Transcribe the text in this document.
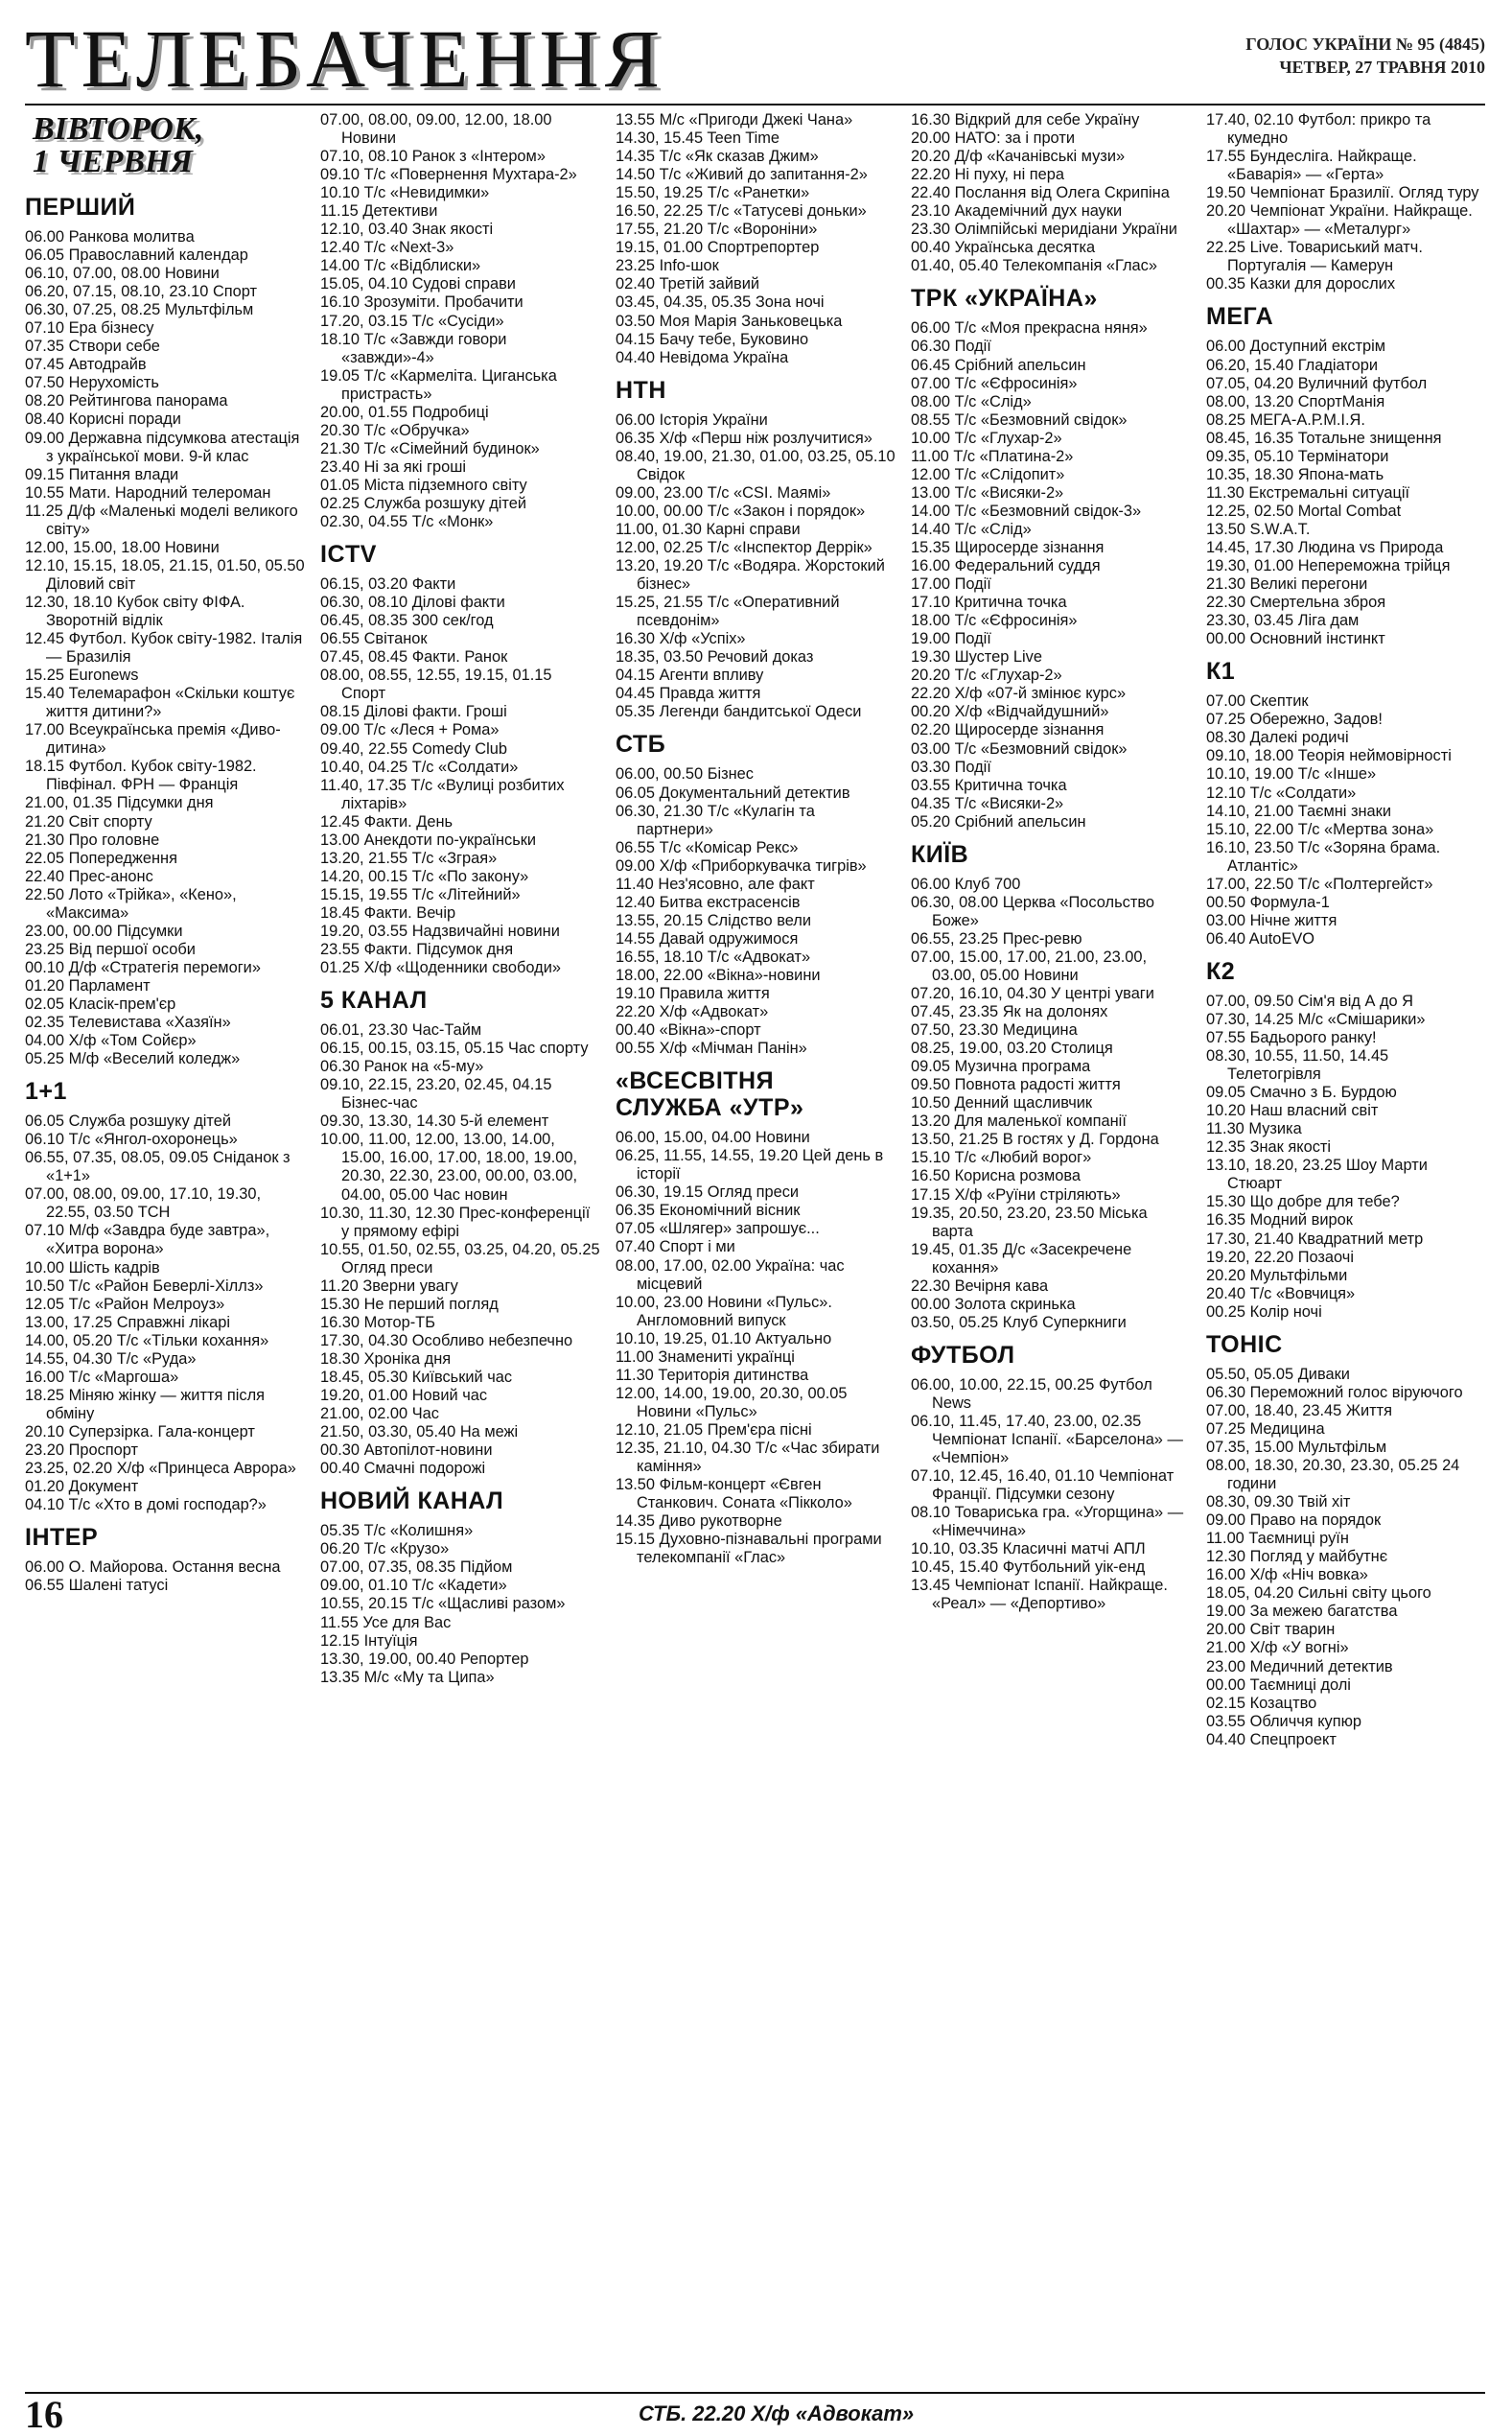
ТЕЛЕБАЧЕННЯ	ГОЛОС УКРАЇНИ № 95 (4845)
ЧЕТВЕР, 27 ТРАВНЯ 2010
ВІВТОРОК,
1 ЧЕРВНЯ
ПЕРШИЙ
06.00 Ранкова молитва
06.05 Православний календар
06.10, 07.00, 08.00 Новини
06.20, 07.15, 08.10, 23.10 Спорт
06.30, 07.25, 08.25 Мультфільм
07.10 Ера бізнесу
07.35 Створи себе
07.45 Автодрайв
07.50 Нерухомість
08.20 Рейтингова панорама
08.40 Корисні поради
09.00 Державна підсумкова атестація з української мови. 9-й клас
09.15 Питання влади
10.55 Мати. Народний телероман
11.25 Д/ф «Маленькі моделі великого світу»
12.00, 15.00, 18.00 Новини
12.10, 15.15, 18.05, 21.15, 01.50, 05.50 Діловий світ
12.30, 18.10 Кубок світу ФІФА. Зворотній відлік
12.45 Футбол. Кубок світу-1982. Італія — Бразилія
15.25 Euronews
15.40 Телемарафон «Скільки коштує життя дитини?»
17.00 Всеукраїнська премія «Диво-дитина»
18.15 Футбол. Кубок світу-1982. Півфінал. ФРН — Франція
21.00, 01.35 Підсумки дня
21.20 Світ спорту
21.30 Про головне
22.05 Попередження
22.40 Прес-анонс
22.50 Лото «Трійка», «Кено», «Максима»
23.00, 00.00 Підсумки
23.25 Від першої особи
00.10 Д/ф «Стратегія перемоги»
01.20 Парламент
02.05 Класік-прем'єр
02.35 Телевистава «Хазяїн»
04.00 Х/ф «Том Сойєр»
05.25 М/ф «Веселий коледж»
1+1
06.05 Служба розшуку дітей
06.10 Т/с «Янгол-охоронець»
06.55, 07.35, 08.05, 09.05 Сніданок з «1+1»
07.00, 08.00, 09.00, 17.10, 19.30, 22.55, 03.50 ТСН
07.10 М/ф «Завдра буде завтра», «Хитра ворона»
10.00 Шість кадрів
10.50 Т/с «Район Беверлі-Хіллз»
12.05 Т/с «Район Мелроуз»
13.00, 17.25 Справжні лікарі
14.00, 05.20 Т/с «Тільки кохання»
14.55, 04.30 Т/с «Руда»
16.00 Т/с «Маргоша»
18.25 Міняю жінку — життя після обміну
20.10 Суперзірка. Гала-концерт
23.20 Проспорт
23.25, 02.20 Х/ф «Принцеса Аврора»
01.20 Документ
04.10 Т/с «Хто в домі господар?»
ІНТЕР
06.00 О. Майорова. Остання весна
06.55 Шалені татусі
07.00, 08.00, 09.00, 12.00, 18.00 Новини
07.10, 08.10 Ранок з «Інтером»
09.10 Т/с «Повернення Мухтара-2»
10.10 Т/с «Невидимки»
11.15 Детективи
12.10, 03.40 Знак якості
12.40 Т/с «Next-3»
14.00 Т/с «Відблиски»
15.05, 04.10 Судові справи
16.10 Зрозуміти. Пробачити
17.20, 03.15 Т/с «Сусіди»
18.10 Т/с «Завжди говори «завжди»-4»
19.05 Т/с «Кармеліта. Циганська пристрасть»
20.00, 01.55 Подробиці
20.30 Т/с «Обручка»
21.30 Т/с «Сімейний будинок»
23.40 Ні за які гроші
01.05 Міста підземного світу
02.25 Служба розшуку дітей
02.30, 04.55 Т/с «Монк»
ICTV
06.15, 03.20 Факти
06.30, 08.10 Ділові факти
06.45, 08.35 300 сек/год
06.55 Світанок
07.45, 08.45 Факти. Ранок
08.00, 08.55, 12.55, 19.15, 01.15 Спорт
08.15 Ділові факти. Гроші
09.00 Т/с «Леся + Рома»
09.40, 22.55 Comedy Club
10.40, 04.25 Т/с «Солдати»
11.40, 17.35 Т/с «Вулиці розбитих ліхтарів»
12.45 Факти. День
13.00 Анекдоти по-українськи
13.20, 21.55 Т/с «Зграя»
14.20, 00.15 Т/с «По закону»
15.15, 19.55 Т/с «Літейний»
18.45 Факти. Вечір
19.20, 03.55 Надзвичайні новини
23.55 Факти. Підсумок дня
01.25 Х/ф «Щоденники свободи»
5 КАНАЛ
06.01, 23.30 Час-Тайм
06.15, 00.15, 03.15, 05.15 Час спорту
06.30 Ранок на «5-му»
09.10, 22.15, 23.20, 02.45, 04.15 Бізнес-час
09.30, 13.30, 14.30 5-й елемент
10.00, 11.00, 12.00, 13.00, 14.00, 15.00, 16.00, 17.00, 18.00, 19.00, 20.30, 22.30, 23.00, 00.00, 03.00, 04.00, 05.00 Час новин
10.30, 11.30, 12.30 Прес-конференції у прямому ефірі
10.55, 01.50, 02.55, 03.25, 04.20, 05.25 Огляд преси
11.20 Зверни увагу
15.30 Не перший погляд
16.30 Мотор-ТБ
17.30, 04.30 Особливо небезпечно
18.30 Хроніка дня
18.45, 05.30 Київський час
19.20, 01.00 Новий час
21.00, 02.00 Час
21.50, 03.30, 05.40 На межі
00.30 Автопілот-новини
00.40 Смачні подорожі
НОВИЙ КАНАЛ
05.35 Т/с «Колишня»
06.20 Т/с «Крузо»
07.00, 07.35, 08.35 Підйом
09.00, 01.10 Т/с «Кадети»
10.55, 20.15 Т/с «Щасливі разом»
11.55 Усе для Вас
12.15 Інтуїція
13.30, 19.00, 00.40 Репортер
13.35 М/с «Му та Ципа»
13.55 М/с «Пригоди Джекі Чана»
14.30, 15.45 Teen Time
14.35 Т/с «Як сказав Джим»
14.50 Т/с «Живий до запитання-2»
15.50, 19.25 Т/с «Ранетки»
16.50, 22.25 Т/с «Татусеві доньки»
17.55, 21.20 Т/с «Вороніни»
19.15, 01.00 Спортрепортер
23.25 Info-шок
02.40 Третій зайвий
03.45, 04.35, 05.35 Зона ночі
03.50 Моя Марія Заньковецька
04.15 Бачу тебе, Буковино
04.40 Невідома Україна
НТН
06.00 Історія України
06.35 Х/ф «Перш ніж розлучитися»
08.40, 19.00, 21.30, 01.00, 03.25, 05.10 Свідок
09.00, 23.00 Т/с «CSI. Маямі»
10.00, 00.00 Т/с «Закон і порядок»
11.00, 01.30 Карні справи
12.00, 02.25 Т/с «Інспектор Деррік»
13.20, 19.20 Т/с «Водяра. Жорстокий бізнес»
15.25, 21.55 Т/с «Оперативний псевдонім»
16.30 Х/ф «Успіх»
18.35, 03.50 Речовий доказ
04.15 Агенти впливу
04.45 Правда життя
05.35 Легенди бандитської Одеси
СТБ
06.00, 00.50 Бізнес
06.05 Документальний детектив
06.30, 21.30 Т/с «Кулагін та партнери»
06.55 Т/с «Комісар Рекс»
09.00 Х/ф «Приборкувачка тигрів»
11.40 Нез'ясовно, але факт
12.40 Битва екстрасенсів
13.55, 20.15 Слідство вели
14.55 Давай одружимося
16.55, 18.10 Т/с «Адвокат»
18.00, 22.00 «Вікна»-новини
19.10 Правила життя
22.20 Х/ф «Адвокат»
00.40 «Вікна»-спорт
00.55 Х/ф «Мічман Панін»
«ВСЕСВІТНЯ
СЛУЖБА «УТР»
06.00, 15.00, 04.00 Новини
06.25, 11.55, 14.55, 19.20 Цей день в історії
06.30, 19.15 Огляд преси
06.35 Економічний вісник
07.05 «Шлягер» запрошує...
07.40 Спорт і ми
08.00, 17.00, 02.00 Україна: час місцевий
10.00, 23.00 Новини «Пульс». Англомовний випуск
10.10, 19.25, 01.10 Актуально
11.00 Знамениті українці
11.30 Територія дитинства
12.00, 14.00, 19.00, 20.30, 00.05 Новини «Пульс»
12.10, 21.05 Прем'єра пісні
12.35, 21.10, 04.30 Т/с «Час збирати каміння»
13.50 Фільм-концерт «Євген Станкович. Соната «Пікколо»
14.35 Диво рукотворне
15.15 Духовно-пізнавальні програми телекомпанії «Глас»
16.30 Відкрий для себе Україну
20.00 НАТО: за і проти
20.20 Д/ф «Качанівські музи»
22.20 Ні пуху, ні пера
22.40 Послання від Олега Скрипіна
23.10 Академічний дух науки
23.30 Олімпійські меридіани України
00.40 Українська десятка
01.40, 05.40 Телекомпанія «Глас»
ТРК «УКРАЇНА»
06.00 Т/с «Моя прекрасна няня»
06.30 Події
06.45 Срібний апельсин
07.00 Т/с «Єфросинія»
08.00 Т/с «Слід»
08.55 Т/с «Безмовний свідок»
10.00 Т/с «Глухар-2»
11.00 Т/с «Платина-2»
12.00 Т/с «Слідопит»
13.00 Т/с «Висяки-2»
14.00 Т/с «Безмовний свідок-3»
14.40 Т/с «Слід»
15.35 Щиросерде зізнання
16.00 Федеральний суддя
17.00 Події
17.10 Критична точка
18.00 Т/с «Єфросинія»
19.00 Події
19.30 Шустер Live
20.20 Т/с «Глухар-2»
22.20 Х/ф «07-й змінює курс»
00.20 Х/ф «Відчайдушний»
02.20 Щиросерде зізнання
03.00 Т/с «Безмовний свідок»
03.30 Події
03.55 Критична точка
04.35 Т/с «Висяки-2»
05.20 Срібний апельсин
КИЇВ
06.00 Клуб 700
06.30, 08.00 Церква «Посольство Боже»
06.55, 23.25 Прес-ревю
07.00, 15.00, 17.00, 21.00, 23.00, 03.00, 05.00 Новини
07.20, 16.10, 04.30 У центрі уваги
07.45, 23.35 Як на долонях
07.50, 23.30 Медицина
08.25, 19.00, 03.20 Столиця
09.05 Музична програма
09.50 Повнота радості життя
10.50 Денний щасливчик
13.20 Для маленької компанії
13.50, 21.25 В гостях у Д. Гордона
15.10 Т/с «Любий ворог»
16.50 Корисна розмова
17.15 Х/ф «Руїни стріляють»
19.35, 20.50, 23.20, 23.50 Міська варта
19.45, 01.35 Д/с «Засекречене кохання»
22.30 Вечірня кава
00.00 Золота скринька
03.50, 05.25 Клуб Суперкниги
ФУТБОЛ
06.00, 10.00, 22.15, 00.25 Футбол News
06.10, 11.45, 17.40, 23.00, 02.35 Чемпіонат Іспанії. «Барселона» — «Чемпіон»
07.10, 12.45, 16.40, 01.10 Чемпіонат Франції. Підсумки сезону
08.10 Товариська гра. «Угорщина» — «Німеччина»
10.10, 03.35 Класичні матчі АПЛ
10.45, 15.40 Футбольний уік-енд
13.45 Чемпіонат Іспанії. Найкраще. «Реал» — «Депортиво»
17.40, 02.10 Футбол: прикро та кумедно
17.55 Бундесліга. Найкраще. «Баварія» — «Герта»
19.50 Чемпіонат Бразилії. Огляд туру
20.20 Чемпіонат України. Найкраще. «Шахтар» — «Металург»
22.25 Live. Товариський матч. Португалія — Камерун
00.35 Казки для дорослих
МЕГА
06.00 Доступний екстрім
06.20, 15.40 Гладіатори
07.05, 04.20 Вуличний футбол
08.00, 13.20 СпортМанія
08.25 МЕГА-А.Р.М.І.Я.
08.45, 16.35 Тотальне знищення
09.35, 05.10 Термінатори
10.35, 18.30 Япона-мать
11.30 Екстремальні ситуації
12.25, 02.50 Mortal Combat
13.50 S.W.A.T.
14.45, 17.30 Людина vs Природа
19.30, 01.00 Непереможна трійця
21.30 Великі перегони
22.30 Смертельна зброя
23.30, 03.45 Ліга дам
00.00 Основний інстинкт
К1
07.00 Скептик
07.25 Обережно, Задов!
08.30 Далекі родичі
09.10, 18.00 Теорія неймовірності
10.10, 19.00 Т/с «Інше»
12.10 Т/с «Солдати»
14.10, 21.00 Таємні знаки
15.10, 22.00 Т/с «Мертва зона»
16.10, 23.50 Т/с «Зоряна брама. Атлантіс»
17.00, 22.50 Т/с «Полтергейст»
00.50 Формула-1
03.00 Нічне життя
06.40 AutoEVO
К2
07.00, 09.50 Сім'я від А до Я
07.30, 14.25 М/с «Смішарики»
07.55 Бадьорого ранку!
08.30, 10.55, 11.50, 14.45 Телетогрівля
09.05 Смачно з Б. Бурдою
10.20 Наш власний світ
11.30 Музика
12.35 Знак якості
13.10, 18.20, 23.25 Шоу Марти Стюарт
15.30 Що добре для тебе?
16.35 Модний вирок
17.30, 21.40 Квадратний метр
19.20, 22.20 Позаочі
20.20 Мультфільми
20.40 Т/с «Вовчиця»
00.25 Колір ночі
ТОНІС
05.50, 05.05 Диваки
06.30 Переможний голос віруючого
07.00, 18.40, 23.45 Життя
07.25 Медицина
07.35, 15.00 Мультфільм
08.00, 18.30, 20.30, 23.30, 05.25 24 години
08.30, 09.30 Твій хіт
09.00 Право на порядок
11.00 Таємниці руїн
12.30 Погляд у майбутнє
16.00 Х/ф «Ніч вовка»
18.05, 04.20 Сильні світу цього
19.00 За межею багатства
20.00 Світ тварин
21.00 Х/ф «У вогні»
23.00 Медичний детектив
00.00 Таємниці долі
02.15 Козацтво
03.55 Обличчя купюр
04.40 Спецпроект
16	СТБ. 22.20 Х/ф «Адвокат»
